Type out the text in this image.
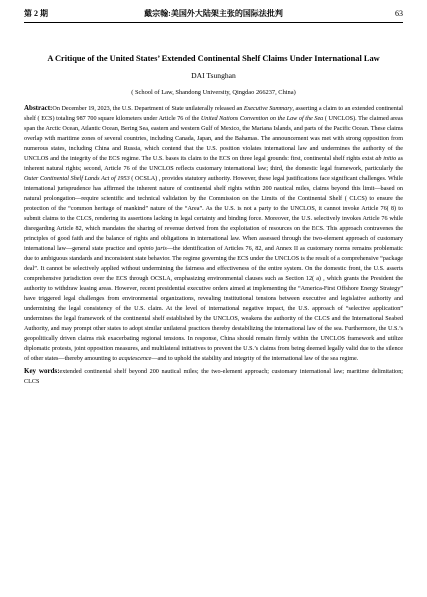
第 2 期	戴宗翰:美国外大陆架主张的国际法批判	63
A Critique of the United States’ Extended Continental Shelf Claims Under International Law
DAI Tsunghan
( School of Law, Shandong University, Qingdao 266237, China)
Abstract:On December 19, 2023, the U.S. Department of State unilaterally released an Executive Summary, asserting a claim to an extended continental shelf ( ECS) totaling 987 700 square kilometers under Article 76 of the United Nations Convention on the Law of the Sea ( UNCLOS). The claimed areas span the Arctic Ocean, Atlantic Ocean, Bering Sea, eastern and western Gulf of Mexico, the Mariana Islands, and parts of the Pacific Ocean. These claims overlap with maritime zones of several countries, including Canada, Japan, and the Bahamas. The announcement was met with strong opposition from numerous states, including China and Russia, which contend that the U.S. position violates international law and undermines the authority of the UNCLOS and the integrity of the ECS regime. The U.S. bases its claim to the ECS on three legal grounds: first, continental shelf rights exist ab initio as inherent natural rights; second, Article 76 of the UNCLOS reflects customary international law; third, the domestic legal framework, particularly the Outer Continental Shelf Lands Act of 1953 ( OCSLA) , provides statutory authority. However, these legal justifications face significant challenges. While international jurisprudence has affirmed the inherent nature of continental shelf rights within 200 nautical miles, claims beyond this limit—based on natural prolongation—require scientific and technical validation by the Commission on the Limits of the Continental Shelf ( CLCS) to ensure the protection of the “common heritage of mankind” nature of the “Area”. As the U.S. is not a party to the UNCLOS, it cannot invoke Article 76( 8) to submit claims to the CLCS, rendering its assertions lacking in legal certainty and binding force. Moreover, the U.S. selectively invokes Article 76 while disregarding Article 82, which mandates the sharing of revenue derived from the exploitation of resources on the ECS. This approach contravenes the principles of good faith and the balance of rights and obligations in international law. When assessed through the two-element approach of customary international law—general state practice and opinio juris—the identification of Articles 76, 82, and Annex II as customary norms remains problematic due to ambiguous standards and inconsistent state behavior. The regime governing the ECS under the UNCLOS is the result of a comprehensive “package deal”. It cannot be selectively applied without undermining the fairness and effectiveness of the entire system. On the domestic front, the U.S. asserts comprehensive jurisdiction over the ECS through OCSLA, emphasizing environmental clauses such as Section 12( a) , which grants the President the authority to withdraw leasing areas. However, recent presidential executive orders aimed at implementing the “America-First Offshore Energy Strategy” have triggered legal challenges from environmental organizations, revealing institutional tensions between executive and legislative authority and undermining the legal consistency of the U.S. claim. At the level of international negative impact, the U.S. approach of “selective application” undermines the legal framework of the continental shelf established by the UNCLOS, weakens the authority of the CLCS and the International Seabed Authority, and may prompt other states to adopt similar unilateral practices thereby destabilizing the international law of the sea. Furthermore, the U.S.’s geopolitically driven claims risk exacerbating regional tensions. In response, China should remain firmly within the UNCLOS framework and utilize diplomatic protests, joint opposition measures, and multilateral initiatives to prevent the U.S.’s claims from being deemed legally valid due to the silence of other states—thereby amounting to acquiescence—and to uphold the stability and integrity of the international law of the sea regime.
Key words:extended continental shelf beyond 200 nautical miles; the two-element approach; customary international law; maritime delimitation; CLCS
